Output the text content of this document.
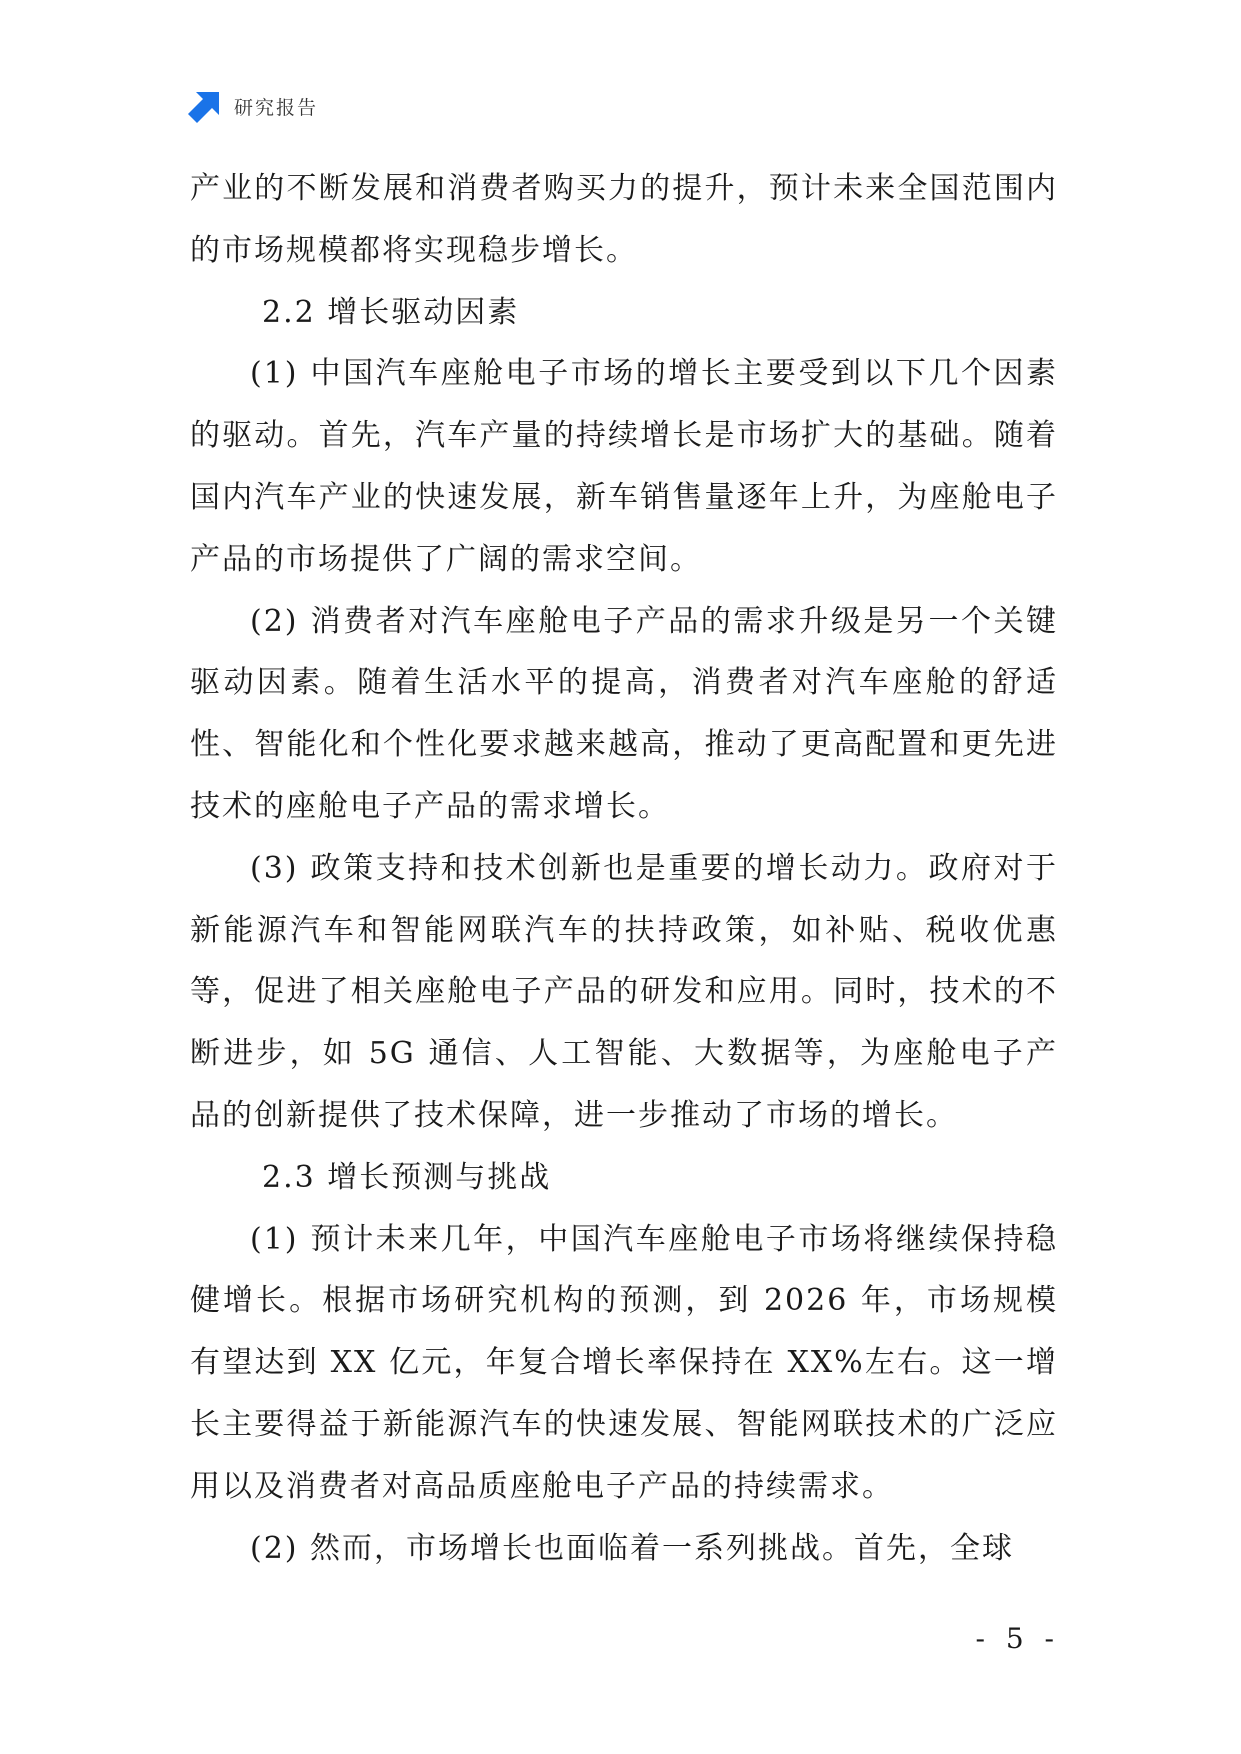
研究报告

产业的不断发展和消费者购买力的提升，预计未来全国范围内的市场规模都将实现稳步增长。

2.2 增长驱动因素

(1) 中国汽车座舱电子市场的增长主要受到以下几个因素的驱动。首先，汽车产量的持续增长是市场扩大的基础。随着国内汽车产业的快速发展，新车销售量逐年上升，为座舱电子产品的市场提供了广阔的需求空间。

(2) 消费者对汽车座舱电子产品的需求升级是另一个关键驱动因素。随着生活水平的提高，消费者对汽车座舱的舒适性、智能化和个性化要求越来越高，推动了更高配置和更先进技术的座舱电子产品的需求增长。

(3) 政策支持和技术创新也是重要的增长动力。政府对于新能源汽车和智能网联汽车的扶持政策，如补贴、税收优惠等，促进了相关座舱电子产品的研发和应用。同时，技术的不断进步，如 5G 通信、人工智能、大数据等，为座舱电子产品的创新提供了技术保障，进一步推动了市场的增长。

2.3 增长预测与挑战

(1) 预计未来几年，中国汽车座舱电子市场将继续保持稳健增长。根据市场研究机构的预测，到 2026 年，市场规模有望达到 XX 亿元，年复合增长率保持在 XX%左右。这一增长主要得益于新能源汽车的快速发展、智能网联技术的广泛应用以及消费者对高品质座舱电子产品的持续需求。

(2) 然而，市场增长也面临着一系列挑战。首先，全球

- 5 -
